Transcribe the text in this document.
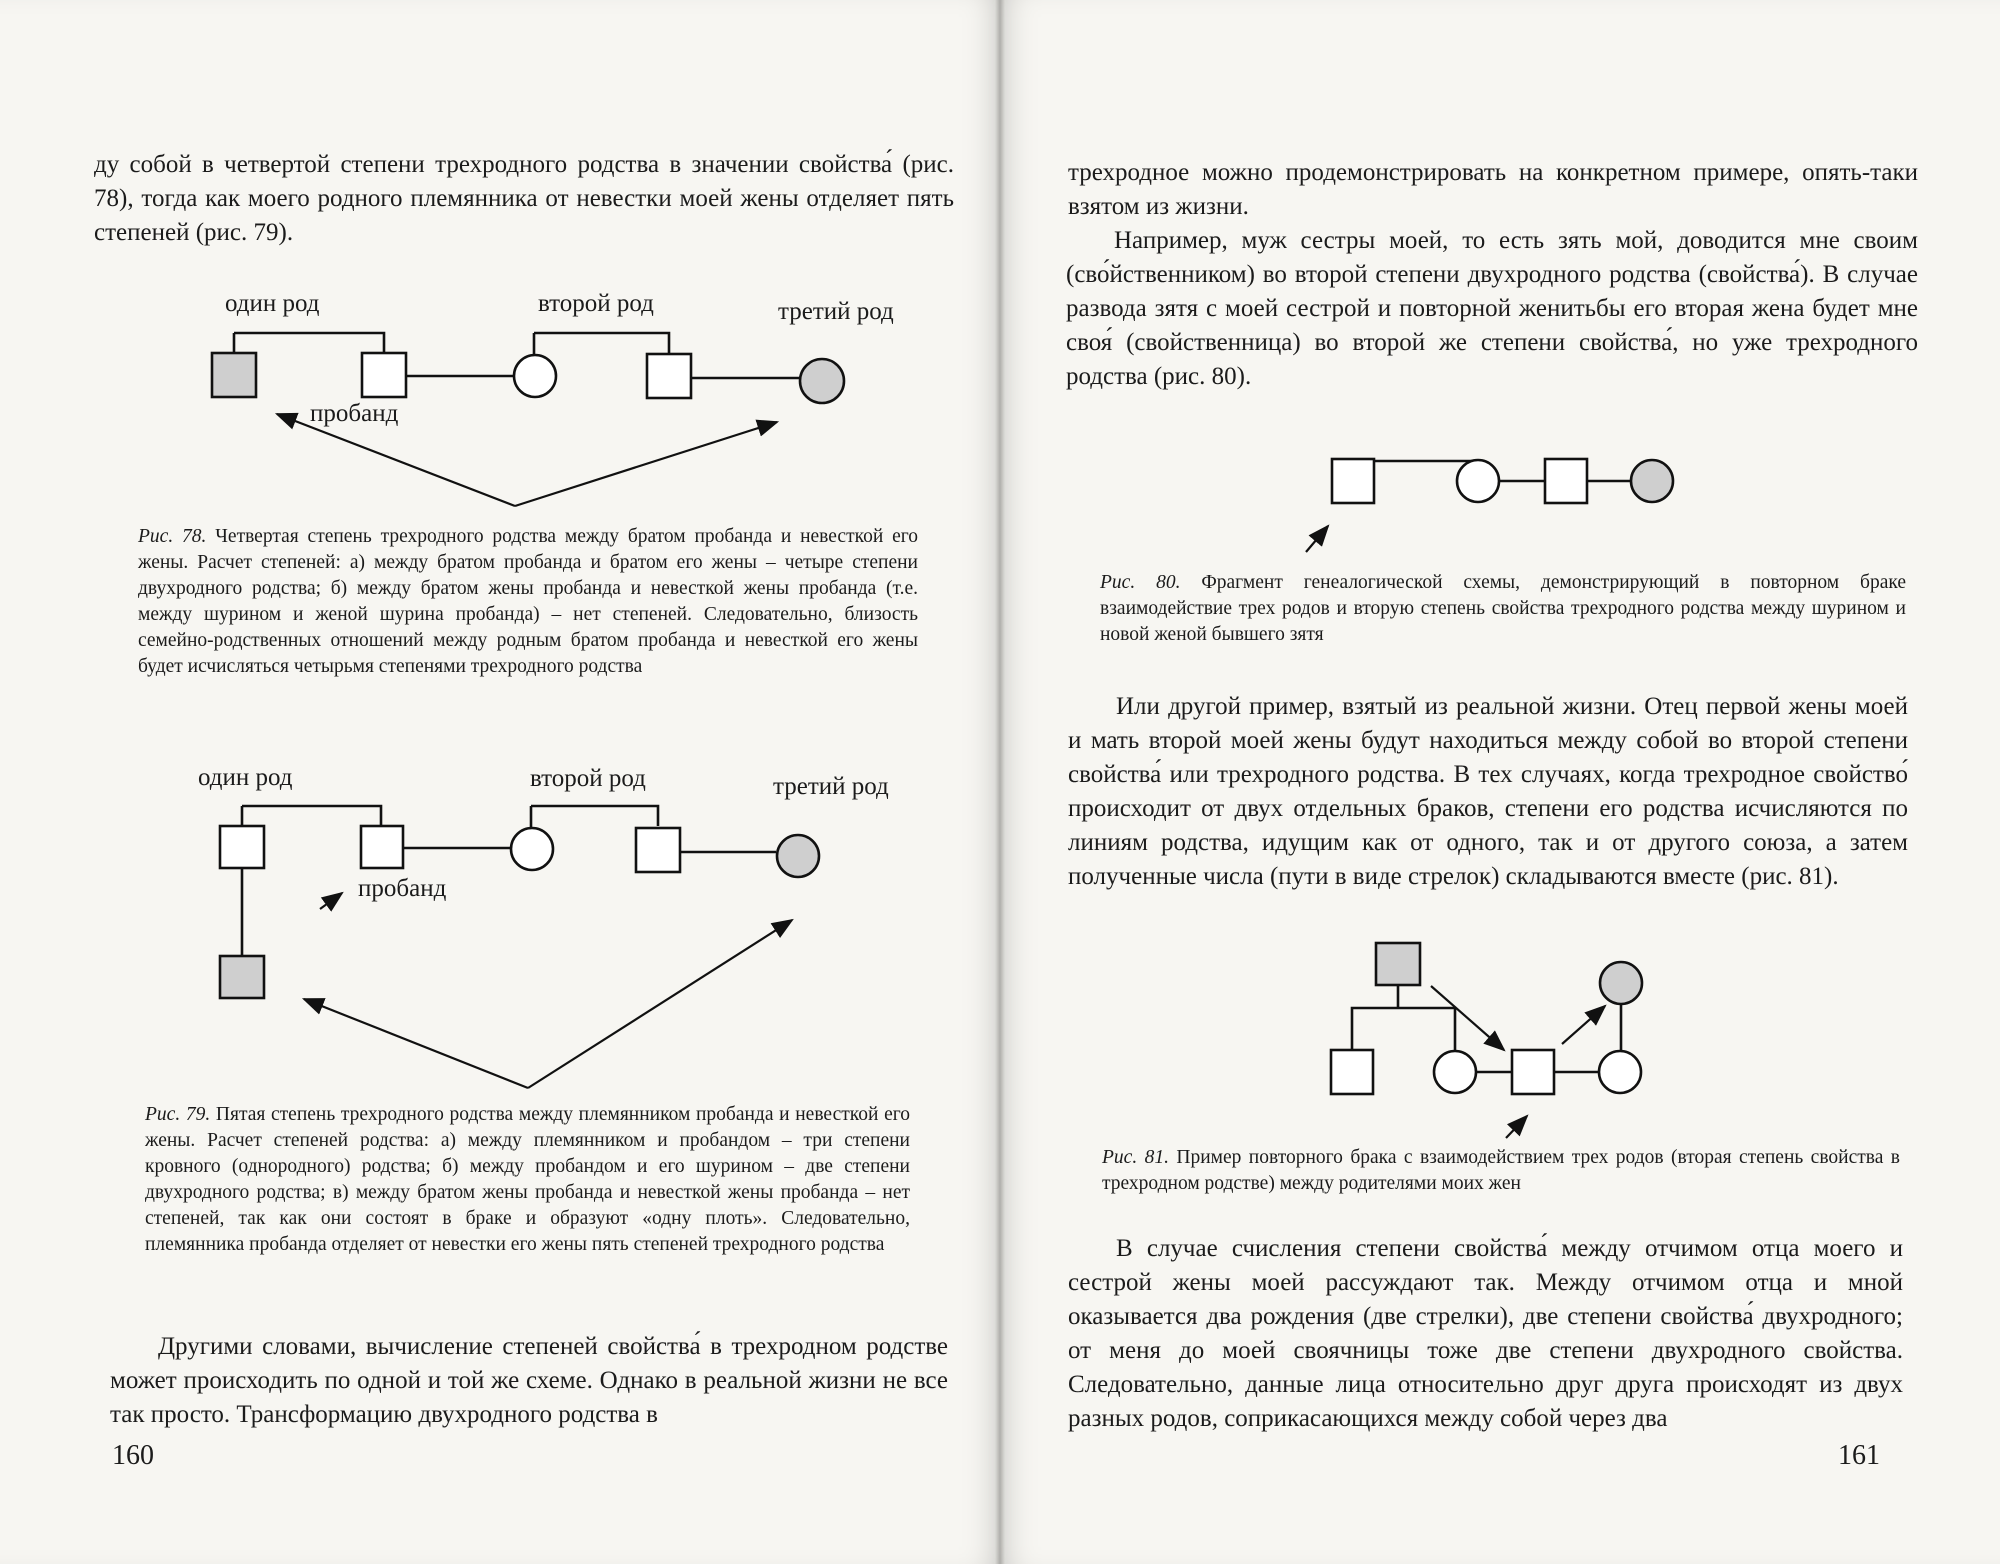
ду собой в четвертой степени трехродного родства в значении свойства́ (рис. 78), тогда как моего родного племянника от невестки моей жены отделяет пять степеней (рис. 79).

один род	второй род	третий род
пробанд
Рис. 78. Четвертая степень трехродного родства между братом пробанда и невесткой его жены. Расчет степеней: а) между братом пробанда и братом его жены – четыре степени двухродного родства; б) между братом жены пробанда и невесткой жены пробанда (т.е. между шурином и женой шурина пробанда) – нет степеней. Следовательно, близость семейно-родственных отношений между родным братом пробанда и невесткой его жены будет исчисляться четырьмя степенями трехродного родства
один род	второй род	третий род
пробанд
Рис. 79. Пятая степень трехродного родства между племянником пробанда и невесткой его жены. Расчет степеней родства: а) между племянником и пробандом – три степени кровного (однородного) родства; б) между пробандом и его шурином – две степени двухродного родства; в) между братом жены пробанда и невесткой жены пробанда – нет степеней, так как они состоят в браке и образуют «одну плоть». Следовательно, племянника пробанда отделяет от невестки его жены пять степеней трехродного родства

Другими словами, вычисление степеней свойства́ в трехродном родстве может происходить по одной и той же схеме. Однако в реальной жизни не все так просто. Трансформацию двухродного родства в

160

трехродное можно продемонстрировать на конкретном примере, опять-таки взятом из жизни.

Например, муж сестры моей, то есть зять мой, доводится мне своим (сво́йственником) во второй степени двухродного родства (свойства́). В случае развода зятя с моей сестрой и повторной женитьбы его вторая жена будет мне своя́ (свойственница) во второй же степени свойства́, но уже трехродного родства (рис. 80).

Рис. 80. Фрагмент генеалогической схемы, демонстрирующий в повторном браке взаимодействие трех родов и вторую степень свойства трехродного родства между шурином и новой женой бывшего зятя

Или другой пример, взятый из реальной жизни. Отец первой жены моей и мать второй моей жены будут находиться между собой во второй степени свойства́ или трехродного родства. В тех случаях, когда трехродное свойство́ происходит от двух отдельных браков, степени его родства исчисляются по линиям родства, идущим как от одного, так и от другого союза, а затем полученные числа (пути в виде стрелок) складываются вместе (рис. 81).

Рис. 81. Пример повторного брака с взаимодействием трех родов (вторая степень свойства в трехродном родстве) между родителями моих жен

В случае счисления степени свойства́ между отчимом отца моего и сестрой жены моей рассуждают так. Между отчимом отца и мной оказывается два рождения (две стрелки), две степени свойства́ двухродного; от меня до моей своячницы тоже две степени двухродного свойства. Следовательно, данные лица относительно друг друга происходят из двух разных родов, соприкасающихся между собой через два

161
